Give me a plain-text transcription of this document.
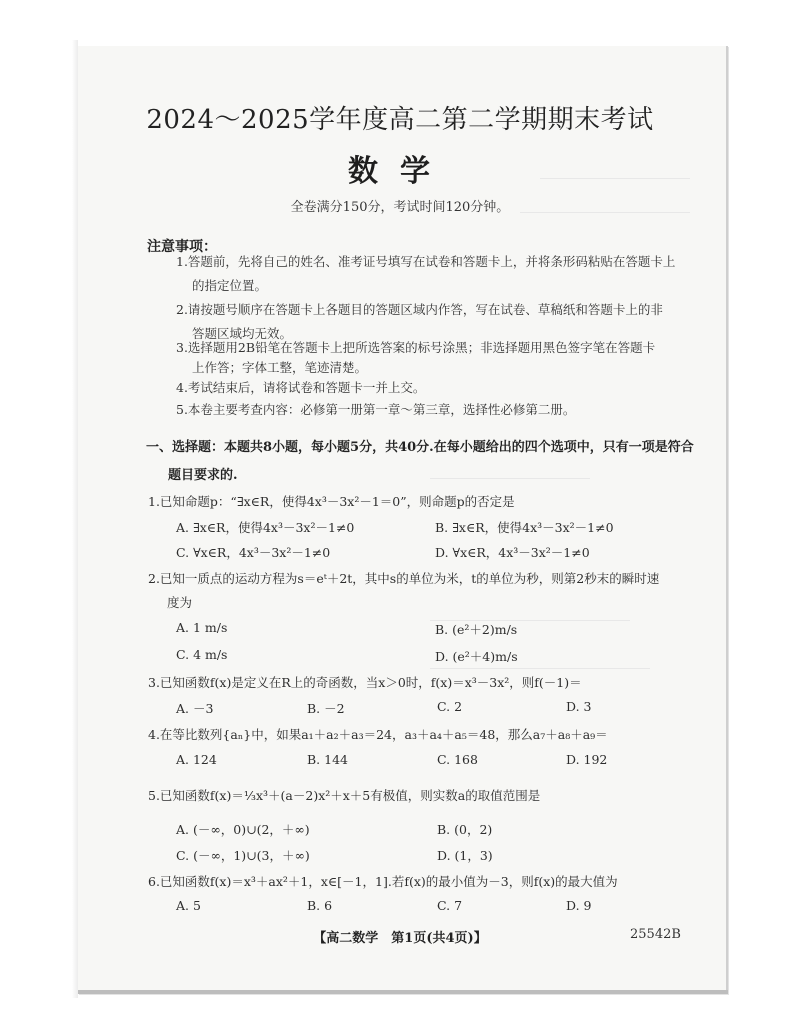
2024～2025学年度高二第二学期期末考试
数学
全卷满分150分，考试时间120分钟。
注意事项：
1.答题前，先将自己的姓名、准考证号填写在试卷和答题卡上，并将条形码粘贴在答题卡上
的指定位置。
2.请按题号顺序在答题卡上各题目的答题区域内作答，写在试卷、草稿纸和答题卡上的非
答题区域均无效。
3.选择题用2B铅笔在答题卡上把所选答案的标号涂黑；非选择题用黑色签字笔在答题卡
上作答；字体工整，笔迹清楚。
4.考试结束后，请将试卷和答题卡一并上交。
5.本卷主要考查内容：必修第一册第一章～第三章，选择性必修第二册。
一、选择题：本题共8小题，每小题5分，共40分.在每小题给出的四个选项中，只有一项是符合
题目要求的.
1.已知命题p：“∃x∈R，使得4x³－3x²－1＝0”，则命题p的否定是
A. ∃x∈R，使得4x³－3x²－1≠0	B. ∃x∈R，使得4x³－3x²－1≠0
C. ∀x∈R，4x³－3x²－1≠0	D. ∀x∈R，4x³－3x²－1≠0
2.已知一质点的运动方程为s＝eᵗ＋2t，其中s的单位为米，t的单位为秒，则第2秒末的瞬时速
度为
A. 1 m/s	B. (e²＋2)m/s
C. 4 m/s	D. (e²＋4)m/s
3.已知函数f(x)是定义在R上的奇函数，当x＞0时，f(x)＝x³－3x²，则f(－1)＝
A. －3	B. －2	C. 2	D. 3
4.在等比数列{aₙ}中，如果a₁＋a₂＋a₃＝24，a₃＋a₄＋a₅＝48，那么a₇＋a₈＋a₉＝
A. 124	B. 144	C. 168	D. 192
5.已知函数f(x)＝⅓x³＋(a－2)x²＋x＋5有极值，则实数a的取值范围是
A. (－∞，0)∪(2，＋∞)	B. (0，2)
C. (－∞，1)∪(3，＋∞)	D. (1，3)
6.已知函数f(x)＝x³＋ax²＋1，x∈[－1，1].若f(x)的最小值为－3，则f(x)的最大值为
A. 5	B. 6	C. 7	D. 9
【高二数学　第1页(共4页)】	25542B
